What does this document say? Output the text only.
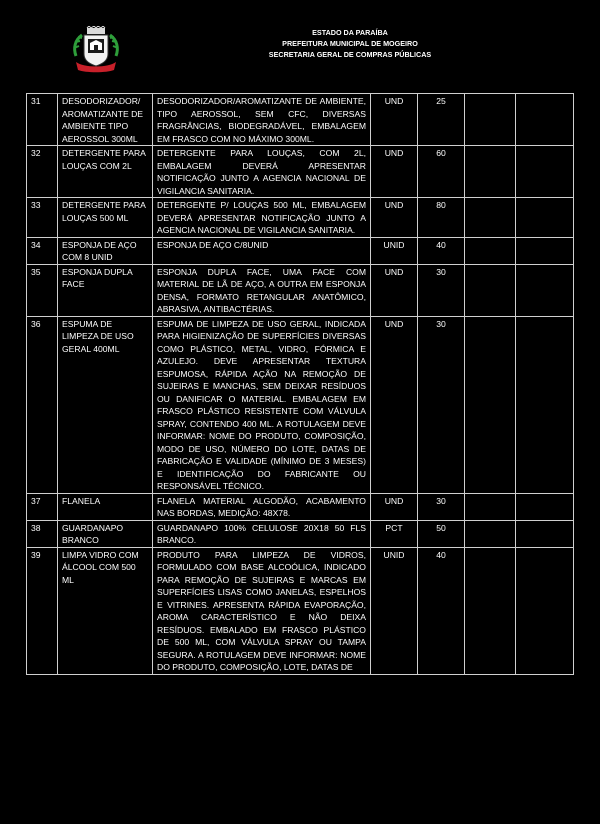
ESTADO DA PARAÍBA
PREFEITURA MUNICIPAL DE MOGEIRO
SECRETARIA GERAL DE COMPRAS PÚBLICAS
31	DESODORIZADOR/ AROMATIZANTE DE AMBIENTE TIPO AEROSSOL 300ML	DESODORIZADOR/AROMATIZANTE DE AMBIENTE, TIPO AEROSSOL, SEM CFC, DIVERSAS FRAGRÂNCIAS, BIODEGRADÁVEL, EMBALAGEM EM FRASCO COM NO MÁXIMO 300ML.	UND	25		
32	DETERGENTE PARA LOUÇAS COM 2L	DETERGENTE PARA LOUÇAS, COM 2L, EMBALAGEM DEVERÁ APRESENTAR NOTIFICAÇÃO JUNTO A AGENCIA NACIONAL DE VIGILANCIA SANITARIA.	UND	60		
33	DETERGENTE PARA LOUÇAS 500 ML	DETERGENTE P/ LOUÇAS 500 ML, EMBALAGEM DEVERÁ APRESENTAR NOTIFICAÇÃO JUNTO A AGENCIA NACIONAL DE VIGILANCIA SANITARIA.	UND	80		
34	ESPONJA DE AÇO COM 8 UNID	ESPONJA DE AÇO C/8UNID	UNID	40		
35	ESPONJA DUPLA FACE	ESPONJA DUPLA FACE, UMA FACE COM MATERIAL DE LÃ DE AÇO, A OUTRA EM ESPONJA DENSA, FORMATO RETANGULAR ANATÔMICO, ABRASIVA, ANTIBACTÉRIAS.	UND	30		
36	ESPUMA DE LIMPEZA DE USO GERAL 400ML	ESPUMA DE LIMPEZA DE USO GERAL, INDICADA PARA HIGIENIZAÇÃO DE SUPERFÍCIES DIVERSAS COMO PLÁSTICO, METAL, VIDRO, FÓRMICA E AZULEJO. DEVE APRESENTAR TEXTURA ESPUMOSA, RÁPIDA AÇÃO NA REMOÇÃO DE SUJEIRAS E MANCHAS, SEM DEIXAR RESÍDUOS OU DANIFICAR O MATERIAL. EMBALAGEM EM FRASCO PLÁSTICO RESISTENTE COM VÁLVULA SPRAY, CONTENDO 400 ML. A ROTULAGEM DEVE INFORMAR: NOME DO PRODUTO, COMPOSIÇÃO, MODO DE USO, NÚMERO DO LOTE, DATAS DE FABRICAÇÃO E VALIDADE (MÍNIMO DE 3 MESES) E IDENTIFICAÇÃO DO FABRICANTE OU RESPONSÁVEL TÉCNICO.	UND	30		
37	FLANELA	FLANELA MATERIAL ALGODÃO, ACABAMENTO NAS BORDAS, MEDIÇÃO: 48X78.	UND	30		
38	GUARDANAPO BRANCO	GUARDANAPO 100% CELULOSE 20X18 50 FLS BRANCO.	PCT	50		
39	LIMPA VIDRO COM ÁLCOOL COM 500 ML	PRODUTO PARA LIMPEZA DE VIDROS, FORMULADO COM BASE ALCOÓLICA, INDICADO PARA REMOÇÃO DE SUJEIRAS E MARCAS EM SUPERFÍCIES LISAS COMO JANELAS, ESPELHOS E VITRINES. APRESENTA RÁPIDA EVAPORAÇÃO, AROMA CARACTERÍSTICO E NÃO DEIXA RESÍDUOS. EMBALADO EM FRASCO PLÁSTICO DE 500 ML, COM VÁLVULA SPRAY OU TAMPA SEGURA. A ROTULAGEM DEVE INFORMAR: NOME DO PRODUTO, COMPOSIÇÃO, LOTE, DATAS DE	UNID	40		
